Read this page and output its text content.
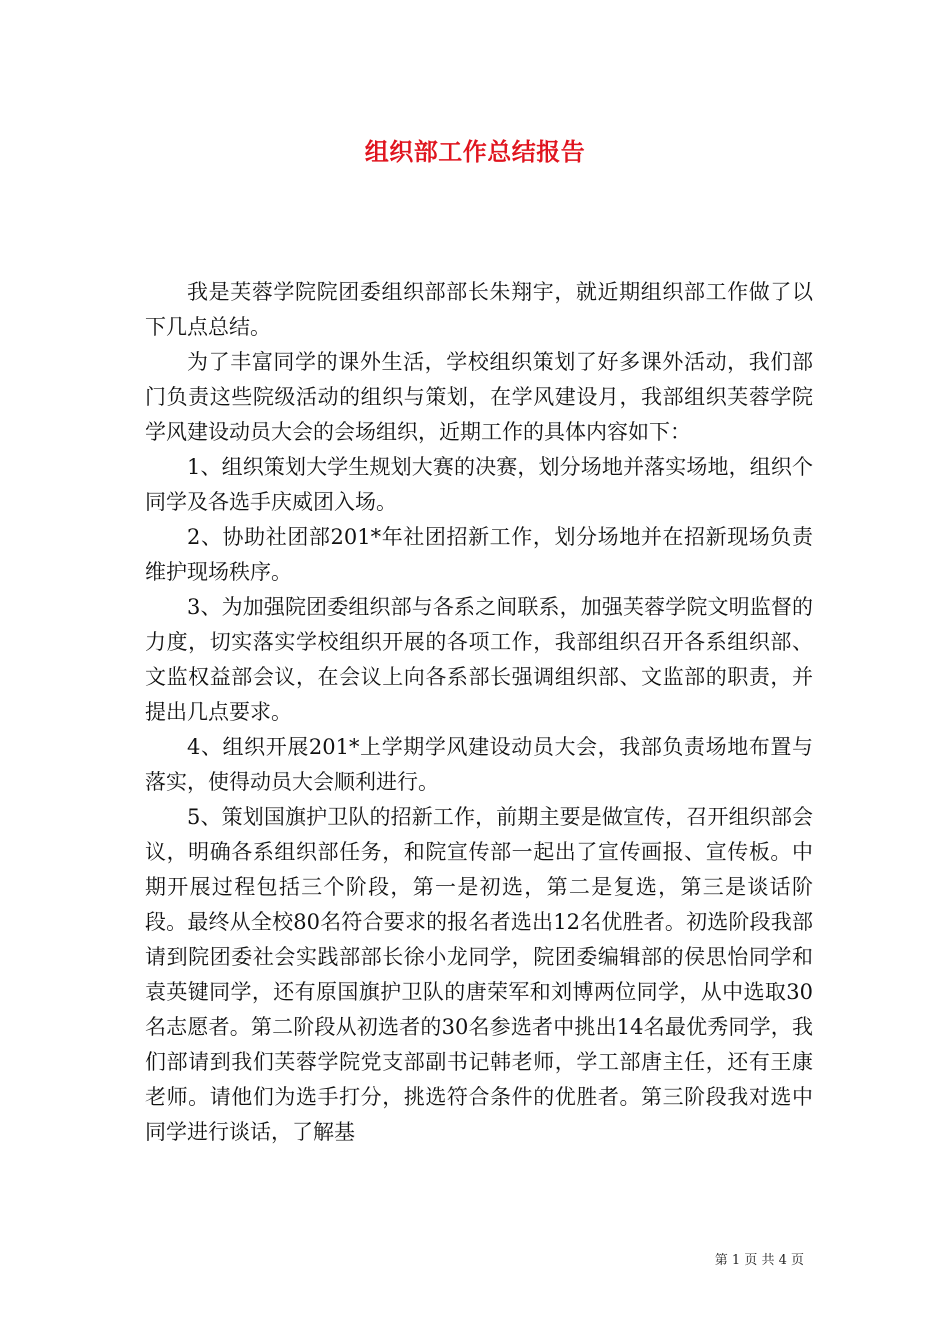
组织部工作总结报告

我是芙蓉学院院团委组织部部长朱翔宇，就近期组织部工作做了以下几点总结。

为了丰富同学的课外生活，学校组织策划了好多课外活动，我们部门负责这些院级活动的组织与策划，在学风建设月，我部组织芙蓉学院学风建设动员大会的会场组织，近期工作的具体内容如下：

1、组织策划大学生规划大赛的决赛，划分场地并落实场地，组织个同学及各选手庆威团入场。

2、协助社团部201*年社团招新工作，划分场地并在招新现场负责维护现场秩序。

3、为加强院团委组织部与各系之间联系，加强芙蓉学院文明监督的力度，切实落实学校组织开展的各项工作，我部组织召开各系组织部、文监权益部会议，在会议上向各系部长强调组织部、文监部的职责，并提出几点要求。

4、组织开展201*上学期学风建设动员大会，我部负责场地布置与落实，使得动员大会顺利进行。

5、策划国旗护卫队的招新工作，前期主要是做宣传，召开组织部会议，明确各系组织部任务，和院宣传部一起出了宣传画报、宣传板。中期开展过程包括三个阶段，第一是初选，第二是复选，第三是谈话阶段。最终从全校80名符合要求的报名者选出12名优胜者。初选阶段我部请到院团委社会实践部部长徐小龙同学，院团委编辑部的侯思怡同学和袁英键同学，还有原国旗护卫队的唐荣军和刘博两位同学，从中选取30名志愿者。第二阶段从初选者的30名参选者中挑出14名最优秀同学，我们部请到我们芙蓉学院党支部副书记韩老师，学工部唐主任，还有王康老师。请他们为选手打分，挑选符合条件的优胜者。第三阶段我对选中同学进行谈话，了解基

第 1 页 共 4 页
